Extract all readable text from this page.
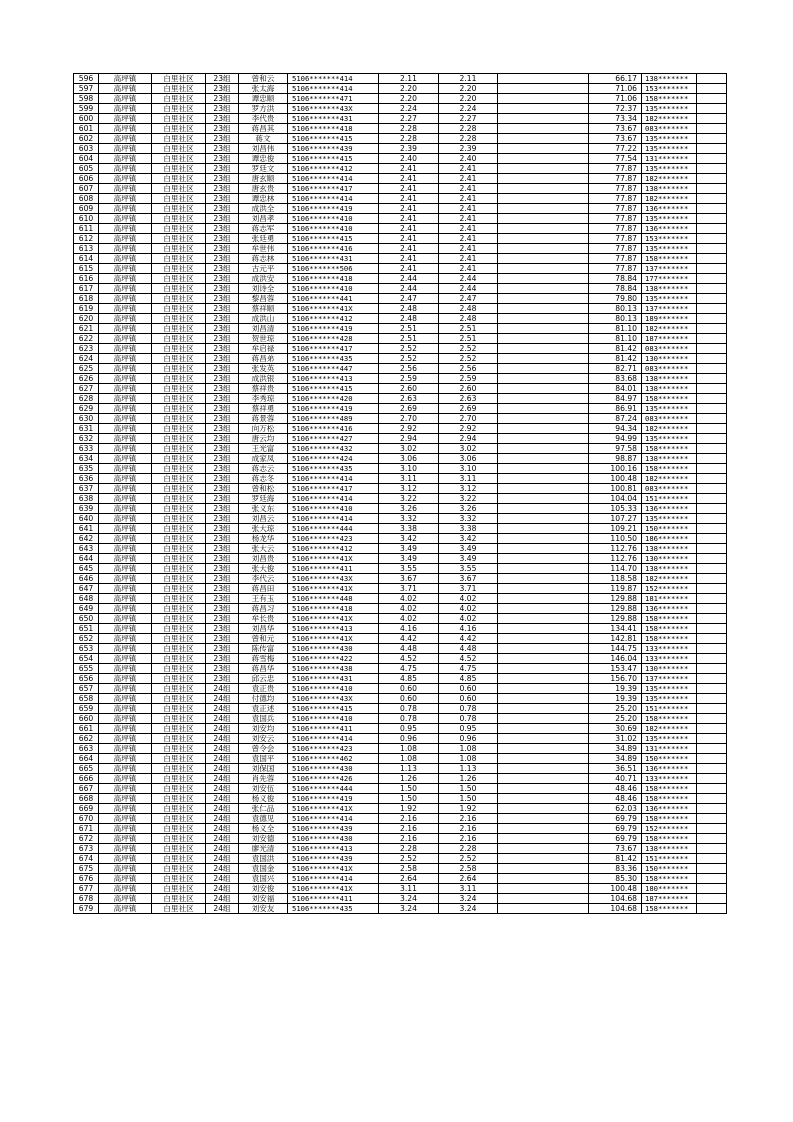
596	高坪镇	白里社区	23组	曾和云	5106*******414	2.11	2.11		66.17	138*******	
597	高坪镇	白里社区	23组	张太海	5106*******414	2.20	2.20		71.06	153*******	
598	高坪镇	白里社区	23组	谭忠顺	5106*******471	2.20	2.20		71.06	158*******	
599	高坪镇	白里社区	23组	罗方洪	5106*******43X	2.24	2.24		72.37	135*******	
600	高坪镇	白里社区	23组	李代贵	5106*******431	2.27	2.27		73.34	182*******	
601	高坪镇	白里社区	23组	蒋昌其	5106*******418	2.28	2.28		73.67	083*******	
602	高坪镇	白里社区	23组	蒋文	5106*******415	2.28	2.28		73.67	135*******	
603	高坪镇	白里社区	23组	刘昌伟	5106*******439	2.39	2.39		77.22	135*******	
604	高坪镇	白里社区	23组	谭忠俊	5106*******415	2.40	2.40		77.54	131*******	
605	高坪镇	白里社区	23组	罗廷文	5106*******412	2.41	2.41		77.87	135*******	
606	高坪镇	白里社区	23组	唐玄顺	5106*******414	2.41	2.41		77.87	182*******	
607	高坪镇	白里社区	23组	唐玄贵	5106*******417	2.41	2.41		77.87	138*******	
608	高坪镇	白里社区	23组	谭忠林	5106*******414	2.41	2.41		77.87	182*******	
609	高坪镇	白里社区	23组	成洪全	5106*******419	2.41	2.41		77.87	136*******	
610	高坪镇	白里社区	23组	刘昌孝	5106*******410	2.41	2.41		77.87	135*******	
611	高坪镇	白里社区	23组	蒋志军	5106*******410	2.41	2.41		77.87	136*******	
612	高坪镇	白里社区	23组	张廷勇	5106*******415	2.41	2.41		77.87	153*******	
613	高坪镇	白里社区	23组	牟世伟	5106*******416	2.41	2.41		77.87	135*******	
614	高坪镇	白里社区	23组	蒋志林	5106*******431	2.41	2.41		77.87	158*******	
615	高坪镇	白里社区	23组	古元平	5106*******506	2.41	2.41		77.87	137*******	
616	高坪镇	白里社区	23组	成洪安	5106*******418	2.44	2.44		78.84	177*******	
617	高坪镇	白里社区	23组	刘诗全	5106*******410	2.44	2.44		78.84	138*******	
618	高坪镇	白里社区	23组	黎昌蓉	5106*******441	2.47	2.47		79.80	135*******	
619	高坪镇	白里社区	23组	蔡祥顺	5106*******41X	2.48	2.48		80.13	137*******	
620	高坪镇	白里社区	23组	成洪山	5106*******412	2.48	2.48		80.13	189*******	
621	高坪镇	白里社区	23组	刘昌清	5106*******419	2.51	2.51		81.10	182*******	
622	高坪镇	白里社区	23组	贺世琼	5106*******428	2.51	2.51		81.10	187*******	
623	高坪镇	白里社区	23组	牟启禄	5106*******417	2.52	2.52		81.42	083*******	
624	高坪镇	白里社区	23组	蒋昌弟	5106*******435	2.52	2.52		81.42	130*******	
625	高坪镇	白里社区	23组	张发英	5106*******447	2.56	2.56		82.71	083*******	
626	高坪镇	白里社区	23组	成洪银	5106*******413	2.59	2.59		83.68	138*******	
627	高坪镇	白里社区	23组	蔡祥贵	5106*******415	2.60	2.60		84.01	138*******	
628	高坪镇	白里社区	23组	李秀琼	5106*******420	2.63	2.63		84.97	158*******	
629	高坪镇	白里社区	23组	蔡祥勇	5106*******419	2.69	2.69		86.91	135*******	
630	高坪镇	白里社区	23组	蒋景蓉	5106*******489	2.70	2.70		87.24	083*******	
631	高坪镇	白里社区	23组	向万松	5106*******416	2.92	2.92		94.34	182*******	
632	高坪镇	白里社区	23组	唐云均	5106*******427	2.94	2.94		94.99	135*******	
633	高坪镇	白里社区	23组	王光富	5106*******432	3.02	3.02		97.58	158*******	
634	高坪镇	白里社区	23组	成家凤	5106*******424	3.06	3.06		98.87	138*******	
635	高坪镇	白里社区	23组	蒋志云	5106*******435	3.10	3.10		100.16	158*******	
636	高坪镇	白里社区	23组	蒋志冬	5106*******414	3.11	3.11		100.48	182*******	
637	高坪镇	白里社区	23组	曾和松	5106*******417	3.12	3.12		100.81	083*******	
638	高坪镇	白里社区	23组	罗廷海	5106*******414	3.22	3.22		104.04	151*******	
639	高坪镇	白里社区	23组	张义东	5106*******410	3.26	3.26		105.33	136*******	
640	高坪镇	白里社区	23组	刘昌云	5106*******414	3.32	3.32		107.27	135*******	
641	高坪镇	白里社区	23组	张大琼	5106*******444	3.38	3.38		109.21	150*******	
642	高坪镇	白里社区	23组	杨龙华	5106*******423	3.42	3.42		110.50	186*******	
643	高坪镇	白里社区	23组	张大云	5106*******412	3.49	3.49		112.76	138*******	
644	高坪镇	白里社区	23组	刘昌贵	5106*******41X	3.49	3.49		112.76	130*******	
645	高坪镇	白里社区	23组	张大俊	5106*******411	3.55	3.55		114.70	138*******	
646	高坪镇	白里社区	23组	李代云	5106*******43X	3.67	3.67		118.58	182*******	
647	高坪镇	白里社区	23组	蒋昌田	5106*******41X	3.71	3.71		119.87	152*******	
648	高坪镇	白里社区	23组	王有玉	5106*******448	4.02	4.02		129.88	181*******	
649	高坪镇	白里社区	23组	蒋昌习	5106*******418	4.02	4.02		129.88	136*******	
650	高坪镇	白里社区	23组	牟长贵	5106*******41X	4.02	4.02		129.88	158*******	
651	高坪镇	白里社区	23组	刘昌华	5106*******413	4.16	4.16		134.41	158*******	
652	高坪镇	白里社区	23组	曾和元	5106*******41X	4.42	4.42		142.81	158*******	
653	高坪镇	白里社区	23组	陈传富	5106*******430	4.48	4.48		144.75	133*******	
654	高坪镇	白里社区	23组	蒋雪梅	5106*******422	4.52	4.52		146.04	133*******	
655	高坪镇	白里社区	23组	蒋昌华	5106*******438	4.75	4.75		153.47	130*******	
656	高坪镇	白里社区	23组	邱云忠	5106*******431	4.85	4.85		156.70	137*******	
657	高坪镇	白里社区	24组	袁正贵	5106*******410	0.60	0.60		19.39	135*******	
658	高坪镇	白里社区	24组	付德均	5106*******43X	0.60	0.60		19.39	135*******	
659	高坪镇	白里社区	24组	袁正述	5106*******415	0.78	0.78		25.20	151*******	
660	高坪镇	白里社区	24组	袁国兵	5106*******410	0.78	0.78		25.20	158*******	
661	高坪镇	白里社区	24组	刘安均	5106*******411	0.95	0.95		30.69	182*******	
662	高坪镇	白里社区	24组	刘安云	5106*******414	0.96	0.96		31.02	135*******	
663	高坪镇	白里社区	24组	曾令会	5106*******423	1.08	1.08		34.89	131*******	
664	高坪镇	白里社区	24组	袁国平	5106*******462	1.08	1.08		34.89	150*******	
665	高坪镇	白里社区	24组	刘保国	5106*******430	1.13	1.13		36.51	136*******	
666	高坪镇	白里社区	24组	肖先蓉	5106*******426	1.26	1.26		40.71	133*******	
667	高坪镇	白里社区	24组	刘安伍	5106*******444	1.50	1.50		48.46	158*******	
668	高坪镇	白里社区	24组	杨义俊	5106*******419	1.50	1.50		48.46	158*******	
669	高坪镇	白里社区	24组	张仁品	5106*******41X	1.92	1.92		62.03	136*******	
670	高坪镇	白里社区	24组	袁德见	5106*******414	2.16	2.16		69.79	158*******	
671	高坪镇	白里社区	24组	杨义全	5106*******439	2.16	2.16		69.79	152*******	
672	高坪镇	白里社区	24组	刘安德	5106*******430	2.16	2.16		69.79	158*******	
673	高坪镇	白里社区	24组	廖光清	5106*******413	2.28	2.28		73.67	138*******	
674	高坪镇	白里社区	24组	袁国洪	5106*******439	2.52	2.52		81.42	151*******	
675	高坪镇	白里社区	24组	袁国金	5106*******41X	2.58	2.58		83.36	150*******	
676	高坪镇	白里社区	24组	袁国兴	5106*******414	2.64	2.64		85.30	158*******	
677	高坪镇	白里社区	24组	刘安俊	5106*******41X	3.11	3.11		100.48	180*******	
678	高坪镇	白里社区	24组	刘安福	5106*******411	3.24	3.24		104.68	187*******	
679	高坪镇	白里社区	24组	刘安友	5106*******435	3.24	3.24		104.68	158*******	
